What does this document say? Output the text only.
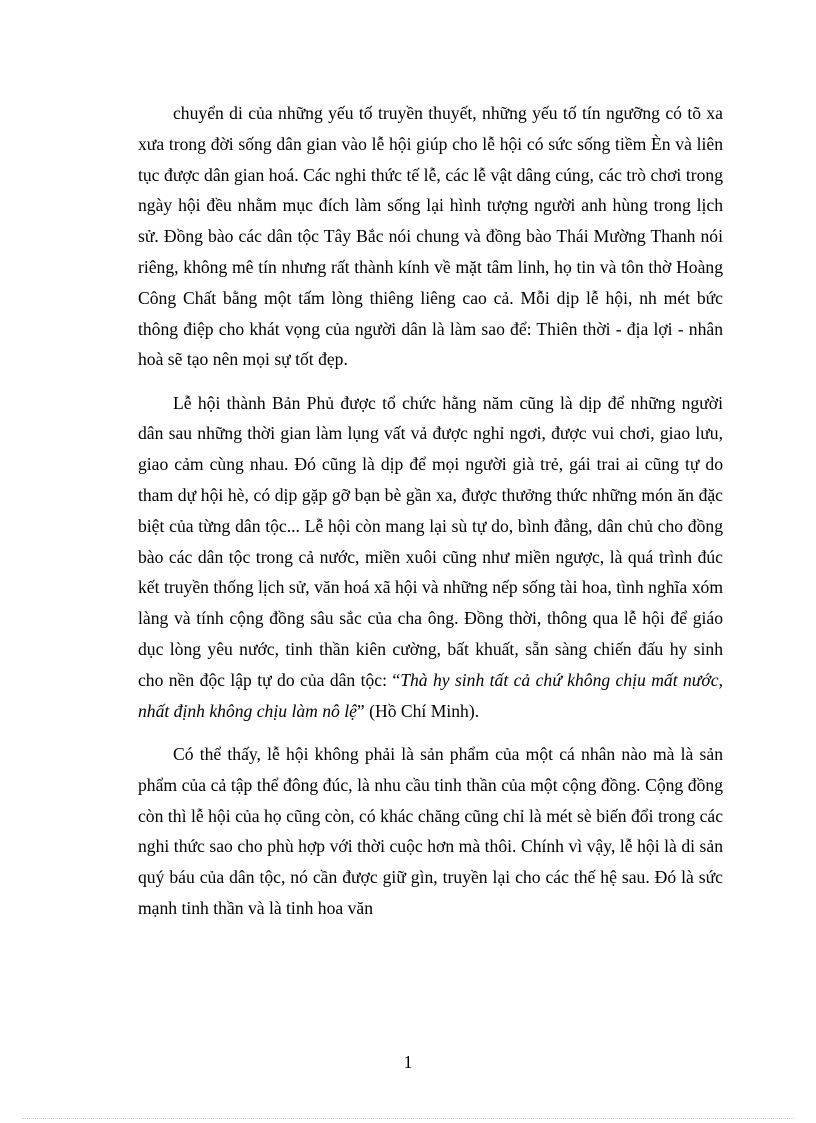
chuyển di của những yếu tố truyền thuyết, những yếu tố tín ngưỡng có tõ xa xưa trong đời sống dân gian vào lễ hội giúp cho lễ hội có sức sống tiềm Èn và liên tục được dân gian hoá. Các nghi thức tế lễ, các lễ vật dâng cúng, các trò chơi trong ngày hội đều nhằm mục đích làm sống lại hình tượng người anh hùng trong lịch sử. Đồng bào các dân tộc Tây Bắc nói chung và đồng bào Thái Mường Thanh nói riêng, không mê tín nhưng rất thành kính về mặt tâm linh, họ tin và tôn thờ Hoàng Công Chất bằng một tấm lòng thiêng liêng cao cả. Mỗi dịp lễ hội, nh mét bức thông điệp cho khát vọng của người dân là làm sao để: Thiên thời - địa lợi - nhân hoà sẽ tạo nên mọi sự tốt đẹp.

Lễ hội thành Bản Phủ được tổ chức hằng năm cũng là dịp để những người dân sau những thời gian làm lụng vất vả được nghỉ ngơi, được vui chơi, giao lưu, giao cảm cùng nhau. Đó cũng là dịp để mọi người già trẻ, gái trai ai cũng tự do tham dự hội hè, có dịp gặp gỡ bạn bè gần xa, được thưởng thức những món ăn đặc biệt của từng dân tộc... Lễ hội còn mang lại sù tự do, bình đẳng, dân chủ cho đồng bào các dân tộc trong cả nước, miền xuôi cũng như miền ngược, là quá trình đúc kết truyền thống lịch sử, văn hoá xã hội và những nếp sống tài hoa, tình nghĩa xóm làng và tính cộng đồng sâu sắc của cha ông. Đồng thời, thông qua lễ hội để giáo dục lòng yêu nước, tinh thần kiên cường, bất khuất, sẵn sàng chiến đấu hy sinh cho nền độc lập tự do của dân tộc: “Thà hy sinh tất cả chứ không chịu mất nước, nhất định không chịu làm nô lệ” (Hồ Chí Minh).

Có thể thấy, lễ hội không phải là sản phẩm của một cá nhân nào mà là sản phẩm của cả tập thể đông đúc, là nhu cầu tinh thần của một cộng đồng. Cộng đồng còn thì lễ hội của họ cũng còn, có khác chăng cũng chỉ là mét sè biến đổi trong các nghi thức sao cho phù hợp với thời cuộc hơn mà thôi. Chính vì vậy, lễ hội là di sản quý báu của dân tộc, nó cần được giữ gìn, truyền lại cho các thế hệ sau. Đó là sức mạnh tinh thần và là tinh hoa văn

1
